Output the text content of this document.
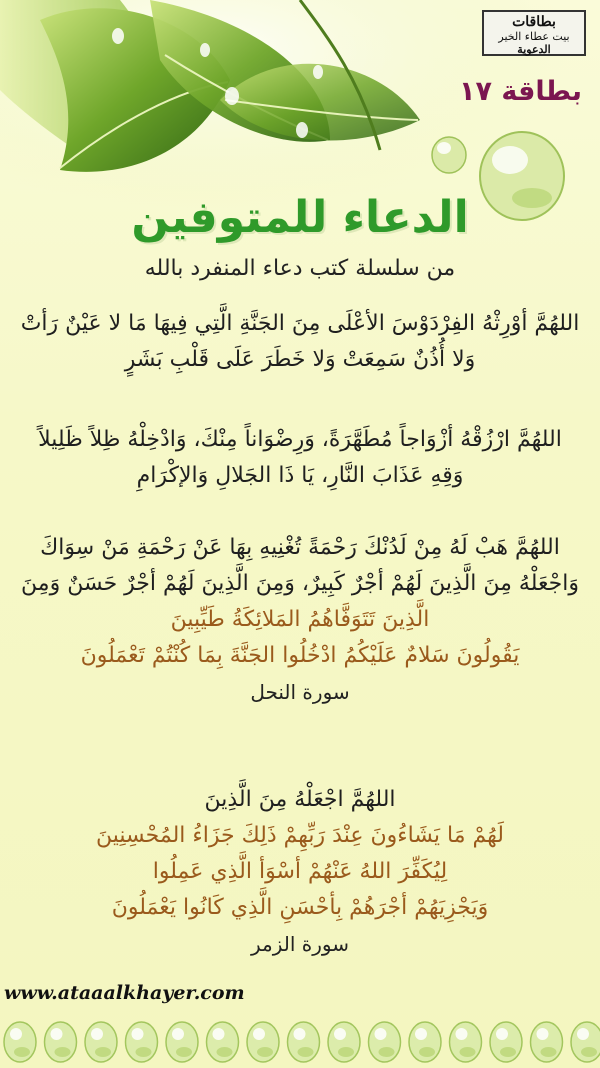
بطاقات
بيت عطاء الخير
الدعوية
بطاقة ١٧
الدعاء للمتوفين
من سلسلة كتب دعاء المنفرد بالله
اللهُمَّ أوْرِثْهُ الفِرْدَوْسَ الأعْلَى مِنَ الجَنَّةِ الَّتِي فِيهَا مَا لا عَيْنٌ رَأتْ
وَلا أُذُنٌ سَمِعَتْ وَلا خَطَرَ عَلَى قَلْبِ بَشَرٍ
اللهُمَّ ارْزُقْهُ أزْوَاجاً مُطَهَّرَةً، وَرِضْوَاناً مِنْكَ، وَادْخِلْهُ ظِلاً ظَلِيلاً
وَقِهِ عَذَابَ النَّارِ، يَا ذَا الجَلالِ وَالإكْرَامِ
اللهُمَّ هَبْ لَهُ مِنْ لَدُنْكَ رَحْمَةً تُغْنِيهِ بِهَا عَنْ رَحْمَةِ مَنْ سِوَاكَ
وَاجْعَلْهُ مِنَ الَّذِينَ لَهُمْ أجْرٌ كَبِيرٌ، وَمِنَ الَّذِينَ لَهُمْ أجْرٌ حَسَنٌ وَمِنَ
الَّذِينَ تَتَوَفَّاهُمُ المَلائِكَةُ طَيِّبِينَ
يَقُولُونَ سَلامٌ عَلَيْكُمُ ادْخُلُوا الجَنَّةَ بِمَا كُنْتُمْ تَعْمَلُونَ
سورة النحل
اللهُمَّ اجْعَلْهُ مِنَ الَّذِينَ
لَهُمْ مَا يَشَاءُونَ عِنْدَ رَبِّهِمْ ذَلِكَ جَزَاءُ المُحْسِنِينَ
لِيُكَفِّرَ اللهُ عَنْهُمْ أسْوَأ الَّذِي عَمِلُوا
وَيَجْزِيَهُمْ أجْرَهُمْ بِأحْسَنِ الَّذِي كَانُوا يَعْمَلُونَ
سورة الزمر
www.ataaalkhayer.com
